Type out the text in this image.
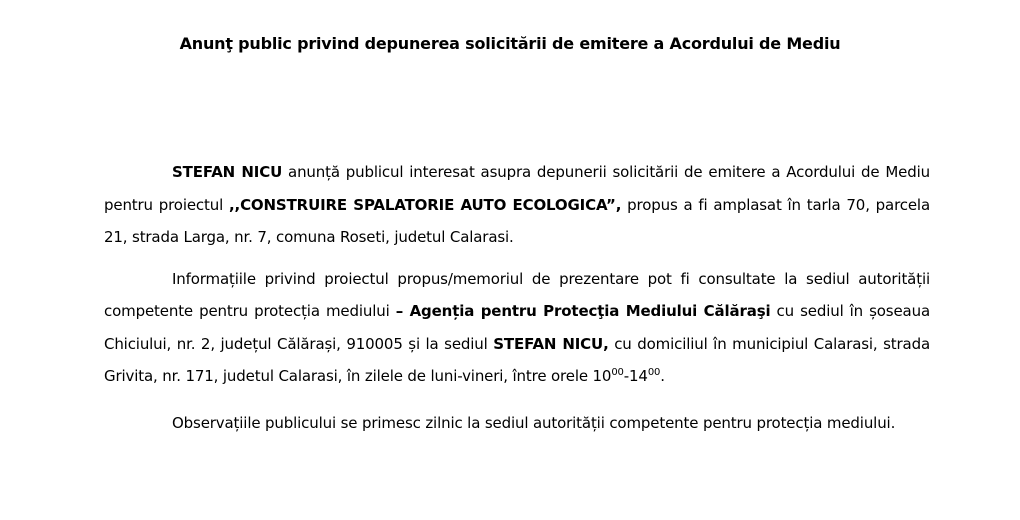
Anunţ public privind depunerea solicitării de emitere a Acordului de Mediu

STEFAN NICU anunță publicul interesat asupra depunerii solicitării de emitere a Acordului de Mediu pentru proiectul ,,CONSTRUIRE SPALATORIE AUTO ECOLOGICA”, propus a fi amplasat în tarla 70, parcela 21, strada Larga, nr. 7, comuna Roseti, judetul Calarasi.

Informațiile privind proiectul propus/memoriul de prezentare pot fi consultate la sediul autorității competente pentru protecția mediului – Agenția pentru Protecţia Mediului Călăraşi cu sediul în șoseaua Chiciului, nr. 2, județul Călărași, 910005 și la sediul STEFAN NICU, cu domiciliul în municipiul Calarasi, strada Grivita, nr. 171, judetul Calarasi, în zilele de luni-vineri, între orele $10^{00}-14^{00}$.

Observațiile publicului se primesc zilnic la sediul autorității competente pentru protecția mediului.
